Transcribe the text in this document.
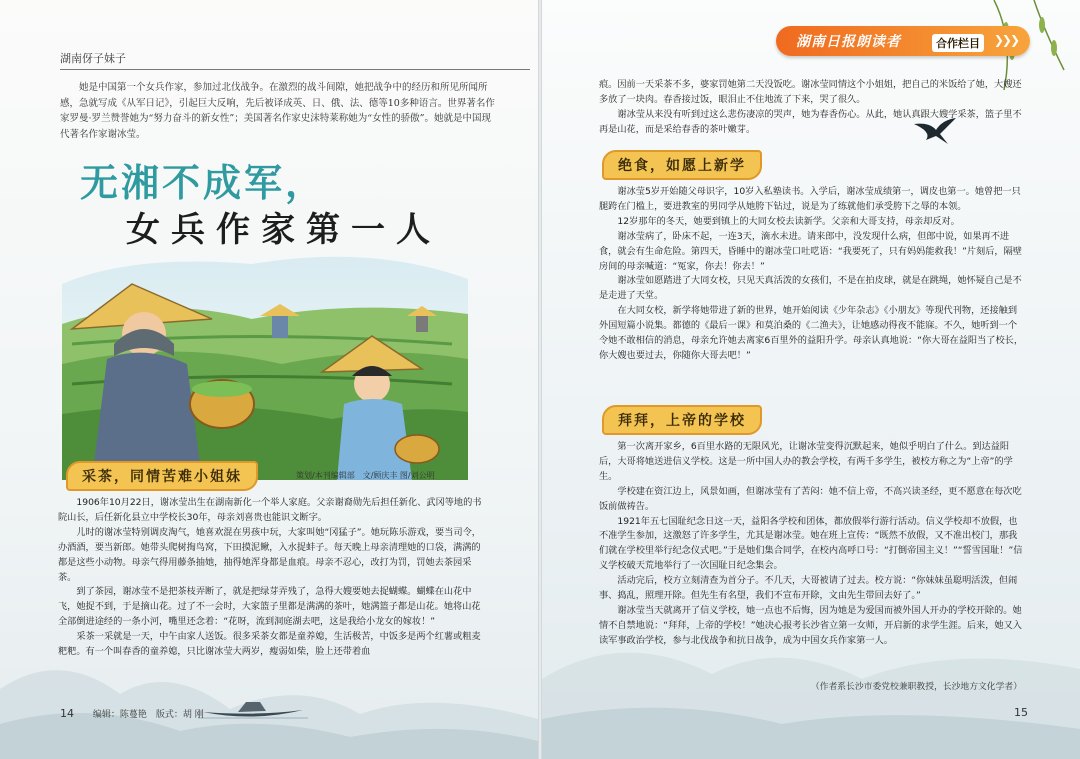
湖南伢子妹子

她是中国第一个女兵作家，参加过北伐战争。在激烈的战斗间隙，她把战争中的经历和所见所闻所感，急就写成《从军日记》，引起巨大反响，先后被译成英、日、俄、法、德等10多种语言。世界著名作家罗曼·罗兰赞誉她为“努力奋斗的新女性”；美国著名作家史沫特莱称她为“女性的骄傲”。她就是中国现代著名作家谢冰莹。

无湘不成军，
女兵作家第一人
采茶，同情苦难小姐妹	策划/本刊编辑部　文/顾庆丰 图/刘公明

1906年10月22日，谢冰莹出生在湖南新化一个举人家庭。父亲谢裔勋先后担任新化、武冈等地的书院山长，后任新化县立中学校长30年，母亲刘喜贵也能识文断字。

儿时的谢冰莹特别调皮淘气，她喜欢混在男孩中玩，大家叫她“冈猛子”。她玩陈乐游戏，要当司令，办酒酒，要当新郎。她带头爬树掏鸟窝，下田摸泥鳅，入水捉蚌子。每天晚上母亲清理她的口袋，满满的都是这些小动物。母亲气得用藤条抽她，抽得她浑身都是血痕。母亲不忍心，改打为罚，罚她去茶园采茶。

到了茶园，谢冰莹不是把茶枝弄断了，就是把绿芽弄残了，急得大嫂要她去捉蝴蝶。蝴蝶在山花中飞，她捉不到，于是摘山花。过了不一会时，大家篮子里都是满满的茶叶，她满篮子都是山花。她将山花全部倒进途经的一条小河，嘴里还念着：“花呀，流到洞庭湖去吧，这是我给小龙女的嫁妆！”

采茶一采就是一天，中午由家人送饭。很多采茶女都是童养媳，生活极苦，中饭多是两个红薯或粗麦粑粑。有一个叫春香的童养媳，只比谢冰莹大两岁，瘦弱如柴，脸上还带着血

14 编辑：陈蔓艳　版式：胡 刚
湖南日报朗读者	合作栏目	❯❯❯

痕。因前一天采茶不多，婆家罚她第二天没饭吃。谢冰莹同情这个小姐姐，把自己的米饭给了她，大嫂还多放了一块肉。春香接过饭，眼泪止不住地流了下来，哭了很久。

谢冰莹从来没有听到过这么悲伤凄凉的哭声，她为春香伤心。从此，她认真跟大嫂学采茶，篮子里不再是山花，而是采给春香的茶叶嫩芽。

绝食，如愿上新学

谢冰莹5岁开始随父母识字，10岁入私塾读书。入学后，谢冰莹成绩第一，调皮也第一。她曾把一只腿跨在门槛上，要进教室的男同学从她胯下钻过，说是为了练就他们承受胯下之辱的本领。

12岁那年的冬天，她要到镇上的大同女校去读新学。父亲和大哥支持，母亲却反对。

谢冰莹病了，卧床不起，一连3天，滴水未进。请来郎中，没发现什么病，但郎中说，如果再不进食，就会有生命危险。第四天，昏睡中的谢冰莹口吐呓语：“我要死了，只有妈妈能救我！”片刻后，隔壁房间的母亲喊道：“冤家，你去！你去！”

谢冰莹如愿踏进了大同女校，只见天真活泼的女孩们，不是在拍皮球，就是在跳绳，她怀疑自己是不是走进了天堂。

在大同女校，新学将她带进了新的世界，她开始阅读《少年杂志》《小朋友》等现代刊物，还接触到外国短篇小说集。都德的《最后一课》和莫泊桑的《二渔夫》，让她感动得夜不能寐。不久，她听到一个令她不敢相信的消息，母亲允许她去离家6百里外的益阳升学。母亲认真地说：“你大哥在益阳当了校长，你大嫂也要过去，你随你大哥去吧！”

拜拜，上帝的学校

第一次离开家乡，6百里水路的无限风光，让谢冰莹变得沉默起来，她似乎明白了什么。到达益阳后，大哥将她送进信义学校。这是一所中国人办的教会学校，有两千多学生，被校方称之为“上帝”的学生。

学校建在资江边上，风景如画，但谢冰莹有了苦闷：她不信上帝，不高兴读圣经，更不愿意在每次吃饭前做祷告。

1921年五七国耻纪念日这一天，益阳各学校和团体，都放假举行游行活动。信义学校却不放假，也不准学生参加，这激怒了许多学生，尤其是谢冰莹。她在班上宣传：“既然不放假，又不准出校门，那我们就在学校里举行纪念仪式吧。”于是她们集合同学，在校内高呼口号：“打倒帝国主义！”“誓雪国耻！”信义学校破天荒地举行了一次国耻日纪念集会。

活动完后，校方立刻清查为首分子。不几天，大哥被请了过去。校方说：“你妹妹虽聪明活泼，但闹事、捣乱，照理开除。但先生有名望，我们不宣布开除，文由先生带回去好了。”

谢冰莹当天就离开了信义学校，她一点也不后悔，因为她是为爱国而被外国人开办的学校开除的。她情不自禁地说：“拜拜，上帝的学校！”她决心报考长沙省立第一女师，开启新的求学生涯。后来，她又入读军事政治学校，参与北伐战争和抗日战争，成为中国女兵作家第一人。

（作者系长沙市委党校兼职教授，长沙地方文化学者）
15
